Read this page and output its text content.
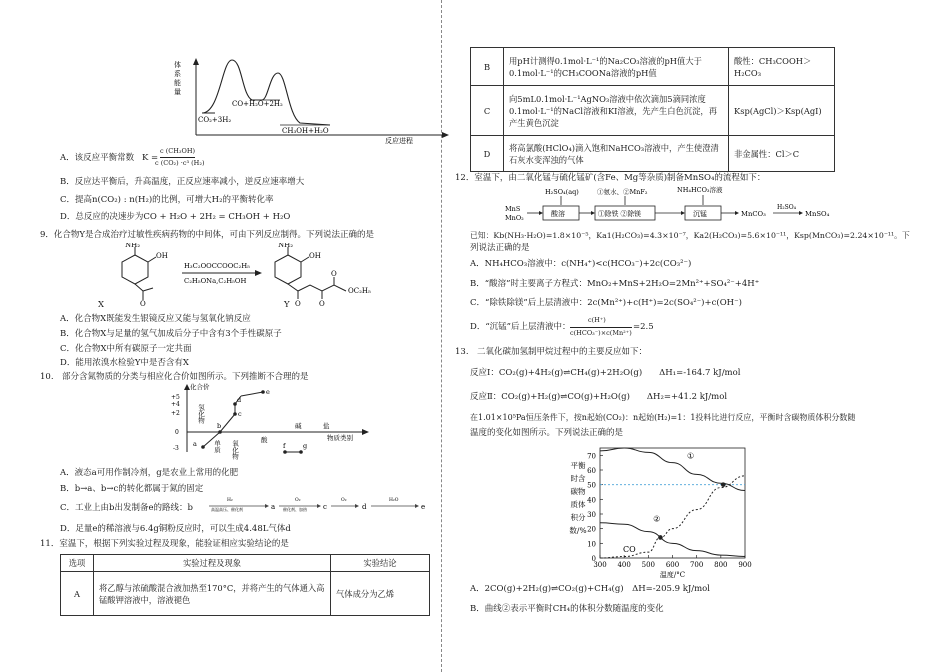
体
系
能
量
CO+H₂O+2H₂
CO₂+3H₂
CH₃OH+H₂O
反应进程
A．该反应平衡常数 K =
c (CH₃OH)
c (CO₂) ·c³ (H₂)
B．反应达平衡后，升高温度，正反应速率减小，逆反应速率增大
C．提高n(CO₂) : n(H₂)的比例，可增大H₂的平衡转化率
D．总反应的决速步为CO + H₂O + 2H₂ = CH₃OH + H₂O
9．化合物Y是合成治疗过敏性疾病药物的中间体，可由下列反应制得。下列说法正确的是
NH₂
OH
O
H₃C₂OOCCOOC₂H₅
C₂H₅ONa,C₂H₅OH
NH₂
OH
O	O
O
OC₂H₅
X	Y
A．化合物X既能发生银镜反应又能与氢氧化钠反应
B．化合物X与足量的氢气加成后分子中含有3个手性碳原子
C．化合物X中所有碳原子一定共面
D．能用浓溴水检验Y中是否含有X
10.　部分含氮物质的分类与相应化合价如图所示。下列推断不合理的是
化合价
+5
+4
+2
0
-3
氢化物
单质 氧化物	酸
碱	盐
物质类别
a
b
c
d
e
f	g
A．液态a可用作制冷剂，g是农业上常用的化肥
B．b→a、b→c的转化都属于氮的固定
C．工业上由b出发制备e的路线：b
H₂
高温高压、催化剂	a
O₂
催化剂、加热 c
O₂
d
H₂O
e
D．足量e的稀溶液与6.4g铜粉反应时，可以生成4.48L气体d
11．室温下，根据下列实验过程及现象，能验证相应实验结论的是
选项	实验过程及现象	实验结论
A	将乙醇与浓硫酸混合液加热至170°C，并将产生的气体通入高锰酸钾溶液中，溶液褪色	气体成分为乙烯
B	用pH计测得0.1mol·L⁻¹的Na₂CO₃溶液的pH值大于0.1mol·L⁻¹的CH₃COONa溶液的pH值	酸性：CH₃COOH＞H₂CO₃
C	向5mL0.1mol·L⁻¹AgNO₃溶液中依次滴加5滴同浓度0.1mol·L⁻¹的NaCl溶液和KI溶液，先产生白色沉淀，再产生黄色沉淀	Ksp(AgCl)＞Ksp(AgI)
D	将高氯酸(HClO₄)滴入饱和NaHCO₃溶液中，产生使澄清石灰水变浑浊的气体	非金属性：Cl＞C
12．室温下，由二氧化锰与硫化锰矿(含Fe、Mg等杂质)制备MnSO₄的流程如下：
MnS
MnO₂	酸溶
H₂SO₄(aq)
①除铁 ②除镁
①氨水、②MnF₂
沉锰
NH₄HCO₃溶液
MnCO₃
H₂SO₄
MnSO₄
已知：Kb(NH₃·H₂O)=1.8×10⁻⁵，Ka1(H₂CO₃)=4.3×10⁻⁷，Ka2(H₂CO₃)=5.6×10⁻¹¹，Ksp(MnCO₃)=2.24×10⁻¹¹。下
列说法正确的是
A．NH₄HCO₃溶液中：c(NH₄⁺)<c(HCO₃⁻)+2c(CO₃²⁻)
B．“酸溶”时主要离子方程式：MnO₂+MnS+2H₂O=2Mn²⁺+SO₄²⁻+4H⁺
C．“除铁除镁”后上层清液中：2c(Mn²⁺)+c(H⁺)=2c(SO₄²⁻)+c(OH⁻)
D．“沉锰”后上层清液中：
c(H⁺)
c(HCO₃⁻)×c(Mn²⁺)
=2.5
13.　二氧化碳加氢制甲烷过程中的主要反应如下：
反应Ⅰ：CO₂(g)+4H₂(g)⇌CH₄(g)+2H₂O(g)　　ΔH₁=-164.7 kJ/mol
反应Ⅱ：CO₂(g)+H₂(g)⇌CO(g)+H₂O(g)　　ΔH₂=+41.2 kJ/mol
在1.01×10⁵Pa恒压条件下，按n起始(CO₂)：n起始(H₂)=1：1投料比进行反应，平衡时含碳物质体积分数随
温度的变化如图所示。下列说法正确的是
0
10
20
30
40
50
60
70
300 400 500 600 700 800 900
温度/°C
平衡
时含
碳物
质体
积分
数/%
①
②
CO
A．2CO(g)+2H₂(g)⇌CO₂(g)+CH₄(g)　ΔH=-205.9 kJ/mol
B．曲线②表示平衡时CH₄的体积分数随温度的变化
